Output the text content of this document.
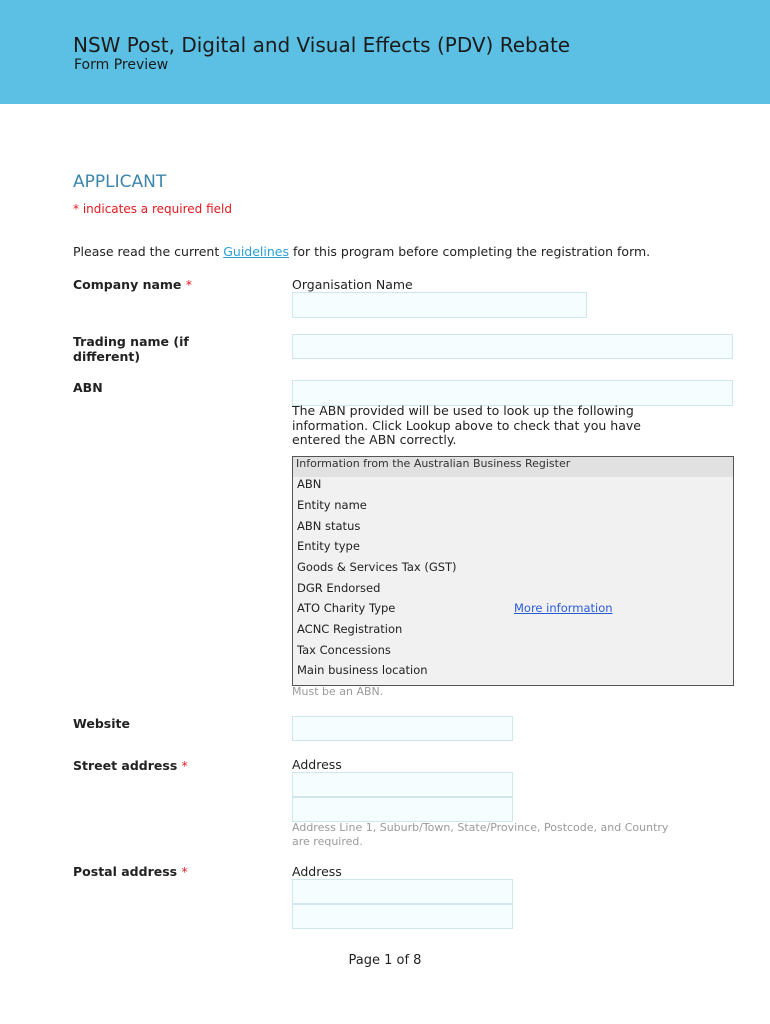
NSW Post, Digital and Visual Effects (PDV) Rebate
Form Preview
APPLICANT
* indicates a required field
Please read the current Guidelines for this program before completing the registration form.
Company name *	Organisation Name
Trading name (if different)
ABN
The ABN provided will be used to look up the following information. Click Lookup above to check that you have entered the ABN correctly.
Information from the Australian Business Register
ABN
Entity name
ABN status
Entity type
Goods & Services Tax (GST)
DGR Endorsed
ATO Charity Type	More information
ACNC Registration
Tax Concessions
Main business location
Must be an ABN.
Website
Street address *	Address
Address Line 1, Suburb/Town, State/Province, Postcode, and Country are required.
Postal address *	Address
Page 1 of 8
